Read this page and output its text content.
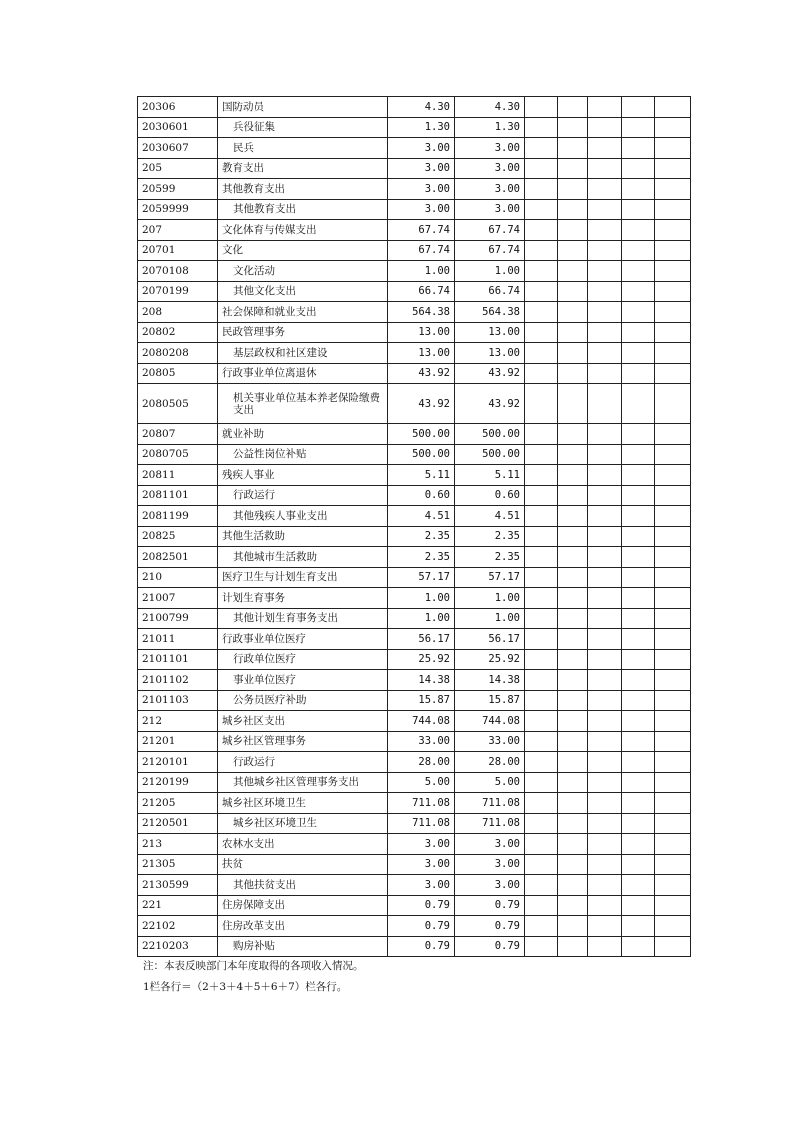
20306	国防动员	4.30	4.30					
2030601	兵役征集	1.30	1.30					
2030607	民兵	3.00	3.00					
205	教育支出	3.00	3.00					
20599	其他教育支出	3.00	3.00					
2059999	其他教育支出	3.00	3.00					
207	文化体育与传媒支出	67.74	67.74					
20701	文化	67.74	67.74					
2070108	文化活动	1.00	1.00					
2070199	其他文化支出	66.74	66.74					
208	社会保障和就业支出	564.38	564.38					
20802	民政管理事务	13.00	13.00					
2080208	基层政权和社区建设	13.00	13.00					
20805	行政事业单位离退休	43.92	43.92					
2080505	机关事业单位基本养老保险缴费支出	43.92	43.92					
20807	就业补助	500.00	500.00					
2080705	公益性岗位补贴	500.00	500.00					
20811	残疾人事业	5.11	5.11					
2081101	行政运行	0.60	0.60					
2081199	其他残疾人事业支出	4.51	4.51					
20825	其他生活救助	2.35	2.35					
2082501	其他城市生活救助	2.35	2.35					
210	医疗卫生与计划生育支出	57.17	57.17					
21007	计划生育事务	1.00	1.00					
2100799	其他计划生育事务支出	1.00	1.00					
21011	行政事业单位医疗	56.17	56.17					
2101101	行政单位医疗	25.92	25.92					
2101102	事业单位医疗	14.38	14.38					
2101103	公务员医疗补助	15.87	15.87					
212	城乡社区支出	744.08	744.08					
21201	城乡社区管理事务	33.00	33.00					
2120101	行政运行	28.00	28.00					
2120199	其他城乡社区管理事务支出	5.00	5.00					
21205	城乡社区环境卫生	711.08	711.08					
2120501	城乡社区环境卫生	711.08	711.08					
213	农林水支出	3.00	3.00					
21305	扶贫	3.00	3.00					
2130599	其他扶贫支出	3.00	3.00					
221	住房保障支出	0.79	0.79					
22102	住房改革支出	0.79	0.79					
2210203	购房补贴	0.79	0.79					
注：本表反映部门本年度取得的各项收入情况。
1栏各行＝（2＋3＋4＋5＋6＋7）栏各行。
